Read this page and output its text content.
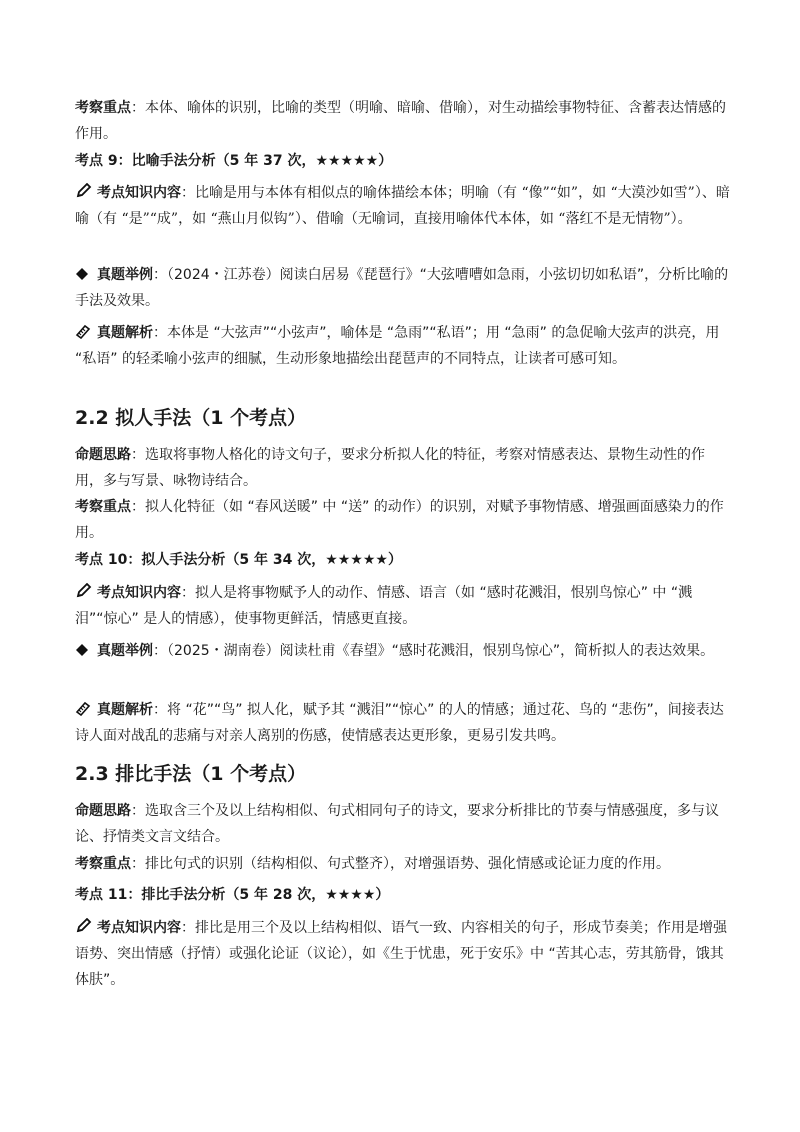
考察重点：本体、喻体的识别，比喻的类型（明喻、暗喻、借喻），对生动描绘事物特征、含蓄表达情感的作用。

考点 9：比喻手法分析（5 年 37 次，★★★★★）

考点知识内容：比喻是用与本体有相似点的喻体描绘本体；明喻（有 “像”“如”，如 “大漠沙如雪”）、暗喻（有 “是”“成”，如 “燕山月似钩”）、借喻（无喻词，直接用喻体代本体，如 “落红不是无情物”）。

真题举例：（2024・江苏卷）阅读白居易《琵琶行》“大弦嘈嘈如急雨，小弦切切如私语”，分析比喻的手法及效果。

真题解析：本体是 “大弦声”“小弦声”，喻体是 “急雨”“私语”；用 “急雨” 的急促喻大弦声的洪亮，用 “私语” 的轻柔喻小弦声的细腻，生动形象地描绘出琵琶声的不同特点，让读者可感可知。

2.2 拟人手法（1 个考点）

命题思路：选取将事物人格化的诗文句子，要求分析拟人化的特征，考察对情感表达、景物生动性的作用，多与写景、咏物诗结合。

考察重点：拟人化特征（如 “春风送暖” 中 “送” 的动作）的识别，对赋予事物情感、增强画面感染力的作用。

考点 10：拟人手法分析（5 年 34 次，★★★★★）

考点知识内容：拟人是将事物赋予人的动作、情感、语言（如 “感时花溅泪，恨别鸟惊心” 中 “溅泪”“惊心” 是人的情感），使事物更鲜活，情感更直接。

真题举例：（2025・湖南卷）阅读杜甫《春望》“感时花溅泪，恨别鸟惊心”，简析拟人的表达效果。

真题解析：将 “花”“鸟” 拟人化，赋予其 “溅泪”“惊心” 的人的情感；通过花、鸟的 “悲伤”，间接表达诗人面对战乱的悲痛与对亲人离别的伤感，使情感表达更形象，更易引发共鸣。

2.3 排比手法（1 个考点）

命题思路：选取含三个及以上结构相似、句式相同句子的诗文，要求分析排比的节奏与情感强度，多与议论、抒情类文言文结合。

考察重点：排比句式的识别（结构相似、句式整齐），对增强语势、强化情感或论证力度的作用。

考点 11：排比手法分析（5 年 28 次，★★★★）

考点知识内容：排比是用三个及以上结构相似、语气一致、内容相关的句子，形成节奏美；作用是增强语势、突出情感（抒情）或强化论证（议论），如《生于忧患，死于安乐》中 “苦其心志，劳其筋骨，饿其体肤”。
